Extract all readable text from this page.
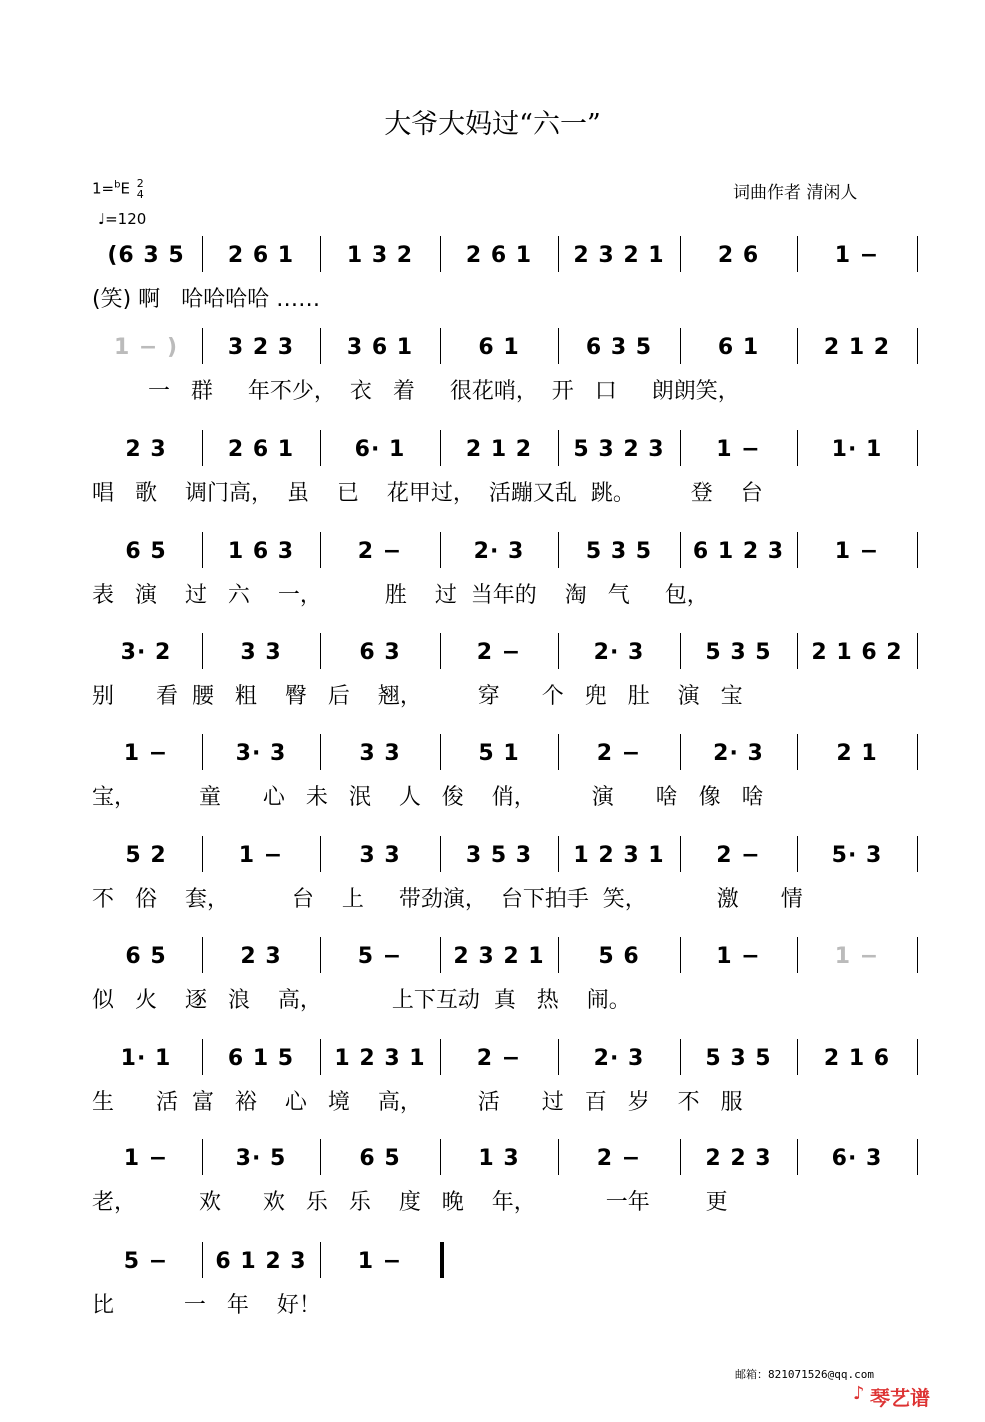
大爷大妈过“六一”
1=$^b$E 2
4
♩=120
词曲作者 清闲人
(6 3 5	2 6 1	1 3 2	2 6 1	2 3 2 1	2 6	1 −
(笑) 啊   哈哈哈哈 ……
1 − )	3 2 3	3 6 1	6 1	6 3 5	6 1	2 1 2
一   群     年不少，  衣   着     很花哨，  开   口     朗朗笑，
2 3	2 6 1	6· 1	2 1 2	5 3 2 3	1 −	1· 1
唱   歌    调门高，  虽    已    花甲过，  活蹦又乱  跳。        登    台
6 5	1 6 3	2 −	2· 3	5 3 5	6 1 2 3	1 −
表   演    过   六    一，         胜    过  当年的    淘   气     包，
3· 2	3 3	6 3	2 −	2· 3	5 3 5	2 1 6 2
别      看  腰   粗    臀   后    翘，        穿      个   兜   肚    演   宝
1 −	3· 3	3 3	5 1	2 −	2· 3	2 1
宝，         童      心   未   泯    人   俊    俏，        演      啥   像   啥
5 2	1 −	3 3	3 5 3	1 2 3 1	2 −	5· 3
不   俗    套，         台    上     带劲演，  台下拍手  笑，          激      情
6 5	2 3	5 −	2 3 2 1	5 6	1 −	1 −
似   火    逐   浪    高，          上下互动  真   热    闹。
1· 1	6 1 5	1 2 3 1	2 −	2· 3	5 3 5	2 1 6
生      活  富   裕    心   境    高，        活      过   百   岁    不   服
1 −	3· 5	6 5	1 3	2 −	2 2 3	6· 3
老，         欢      欢   乐   乐    度   晚    年，          一年        更
5 −	6 1 2 3	1 −
比          一   年    好！
邮箱：821071526@qq.com
♪ 琴艺谱
